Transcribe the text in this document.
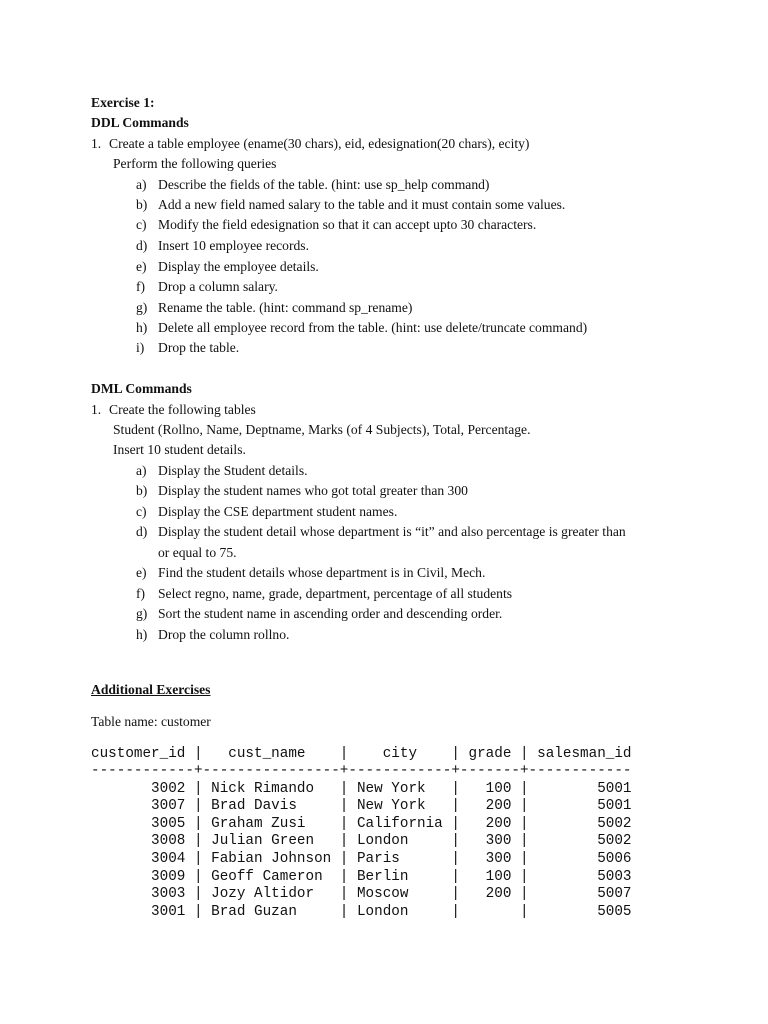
Exercise 1:
DDL Commands
1. Create a table employee (ename(30 chars), eid, edesignation(20 chars), ecity)
Perform the following queries
a) Describe the fields of the table. (hint: use sp_help command)
b) Add a new field named salary to the table and it must contain some values.
c) Modify the field edesignation so that it can accept upto 30 characters.
d) Insert 10 employee records.
e) Display the employee details.
f) Drop a column salary.
g) Rename the table. (hint: command sp_rename)
h) Delete all employee record from the table. (hint: use delete/truncate command)
i) Drop the table.
DML Commands
1. Create the following tables
Student (Rollno, Name, Deptname, Marks (of 4 Subjects), Total, Percentage.
Insert 10 student details.
a) Display the Student details.
b) Display the student names who got total greater than 300
c) Display the CSE department student names.
d) Display the student detail whose department is “it” and also percentage is greater than
or equal to 75.
e) Find the student details whose department is in Civil, Mech.
f) Select regno, name, grade, department, percentage of all students
g) Sort the student name in ascending order and descending order.
h) Drop the column rollno.
Additional Exercises
Table name: customer
customer_id |   cust_name    |    city    | grade | salesman_id
------------+----------------+------------+-------+------------
3002 | Nick Rimando   | New York   |   100 |        5001
3007 | Brad Davis     | New York   |   200 |        5001
3005 | Graham Zusi    | California |   200 |        5002
3008 | Julian Green   | London     |   300 |        5002
3004 | Fabian Johnson | Paris      |   300 |        5006
3009 | Geoff Cameron  | Berlin     |   100 |        5003
3003 | Jozy Altidor   | Moscow     |   200 |        5007
3001 | Brad Guzan     | London     |       |        5005
